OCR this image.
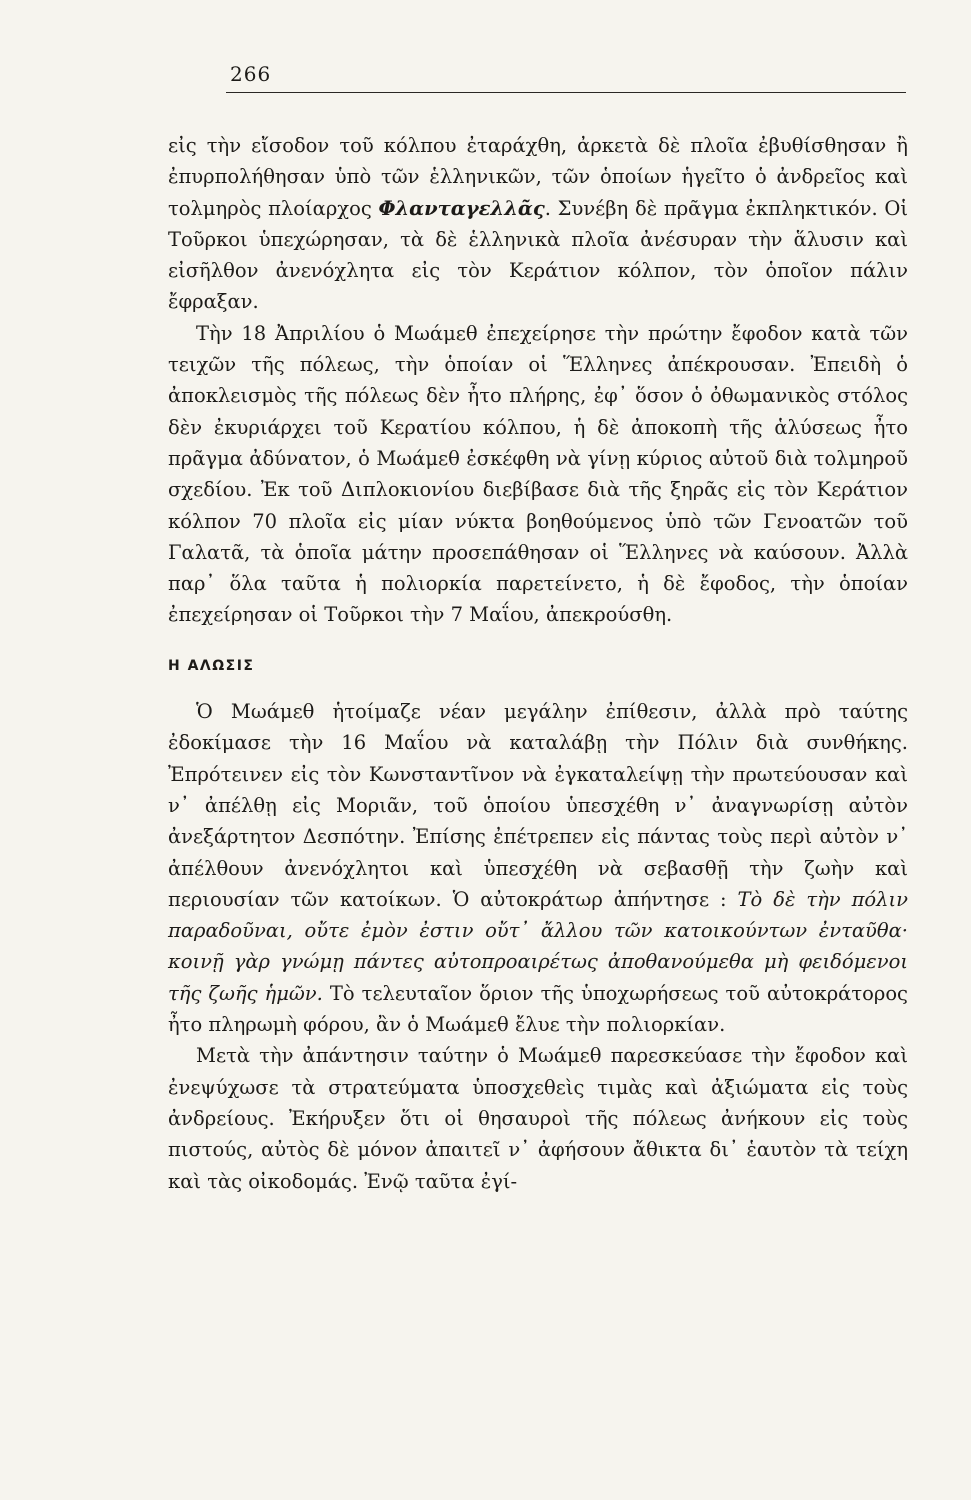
266

εἰς τὴν εἴσοδον τοῦ κόλπου ἐταράχθη, ἀρκετὰ δὲ πλοῖα ἐβυθίσθησαν ἢ ἐπυρπολήθησαν ὑπὸ τῶν ἑλληνικῶν, τῶν ὁποίων ἡγεῖτο ὁ ἀνδρεῖος καὶ τολμηρὸς πλοίαρχος Φλανταγελλᾶς. Συνέβη δὲ πρᾶγμα ἐκπληκτικόν. Οἱ Τοῦρκοι ὑπεχώρησαν, τὰ δὲ ἑλληνικὰ πλοῖα ἀνέσυραν τὴν ἅλυσιν καὶ εἰσῆλθον ἀνενόχλητα εἰς τὸν Κεράτιον κόλπον, τὸν ὁποῖον πάλιν ἔφραξαν.

Τὴν 18 Ἀπριλίου ὁ Μωάμεθ ἐπεχείρησε τὴν πρώτην ἔφοδον κατὰ τῶν τειχῶν τῆς πόλεως, τὴν ὁποίαν οἱ Ἕλληνες ἀπέκρουσαν. Ἐπειδὴ ὁ ἀποκλεισμὸς τῆς πόλεως δὲν ἦτο πλήρης, ἐφ᾽ ὅσον ὁ ὀθωμανικὸς στόλος δὲν ἐκυριάρχει τοῦ Κερατίου κόλπου, ἡ δὲ ἀποκοπὴ τῆς ἁλύσεως ἦτο πρᾶγμα ἀδύνατον, ὁ Μωάμεθ ἐσκέφθη νὰ γίνῃ κύριος αὐτοῦ διὰ τολμηροῦ σχεδίου. Ἐκ τοῦ Διπλοκιονίου διεβίβασε διὰ τῆς ξηρᾶς εἰς τὸν Κεράτιον κόλπον 70 πλοῖα εἰς μίαν νύκτα βοηθούμενος ὑπὸ τῶν Γενοατῶν τοῦ Γαλατᾶ, τὰ ὁποῖα μάτην προσεπάθησαν οἱ Ἕλληνες νὰ καύσουν. Ἀλλὰ παρ᾽ ὅλα ταῦτα ἡ πολιορκία παρετείνετο, ἡ δὲ ἔφοδος, τὴν ὁποίαν ἐπεχείρησαν οἱ Τοῦρκοι τὴν 7 Μαΐου, ἀπεκρούσθη.

Η ΑΛΩΣΙΣ

Ὁ Μωάμεθ ἡτοίμαζε νέαν μεγάλην ἐπίθεσιν, ἀλλὰ πρὸ ταύτης ἐδοκίμασε τὴν 16 Μαΐου νὰ καταλάβῃ τὴν Πόλιν διὰ συνθήκης. Ἐπρότεινεν εἰς τὸν Κωνσταντῖνον νὰ ἐγκαταλείψῃ τὴν πρωτεύουσαν καὶ ν᾽ ἀπέλθῃ εἰς Μοριᾶν, τοῦ ὁποίου ὑπεσχέθη ν᾽ ἀναγνωρίσῃ αὐτὸν ἀνεξάρτητον Δεσπότην. Ἐπίσης ἐπέτρεπεν εἰς πάντας τοὺς περὶ αὐτὸν ν᾽ ἀπέλθουν ἀνενόχλητοι καὶ ὑπεσχέθη νὰ σεβασθῇ τὴν ζωὴν καὶ περιουσίαν τῶν κατοίκων. Ὁ αὐτοκράτωρ ἀπήντησε : Τὸ δὲ τὴν πόλιν παραδοῦναι, οὔτε ἐμὸν ἐστιν οὔτ᾽ ἄλλου τῶν κατοικούντων ἐνταῦθα· κοινῇ γὰρ γνώμῃ πάντες αὐτοπροαιρέτως ἀποθανούμεθα μὴ φειδόμενοι τῆς ζωῆς ἡμῶν. Τὸ τελευταῖον ὅριον τῆς ὑποχωρήσεως τοῦ αὐτοκράτορος ἦτο πληρωμὴ φόρου, ἂν ὁ Μωάμεθ ἔλυε τὴν πολιορκίαν.

Μετὰ τὴν ἀπάντησιν ταύτην ὁ Μωάμεθ παρεσκεύασε τὴν ἔφοδον καὶ ἐνεψύχωσε τὰ στρατεύματα ὑποσχεθεὶς τιμὰς καὶ ἀξιώματα εἰς τοὺς ἀνδρείους. Ἐκήρυξεν ὅτι οἱ θησαυροὶ τῆς πόλεως ἀνήκουν εἰς τοὺς πιστούς, αὐτὸς δὲ μόνον ἀπαιτεῖ ν᾽ ἀφήσουν ἄθικτα δι᾽ ἑαυτὸν τὰ τείχη καὶ τὰς οἰκοδομάς. Ἐνῷ ταῦτα ἐγί-
